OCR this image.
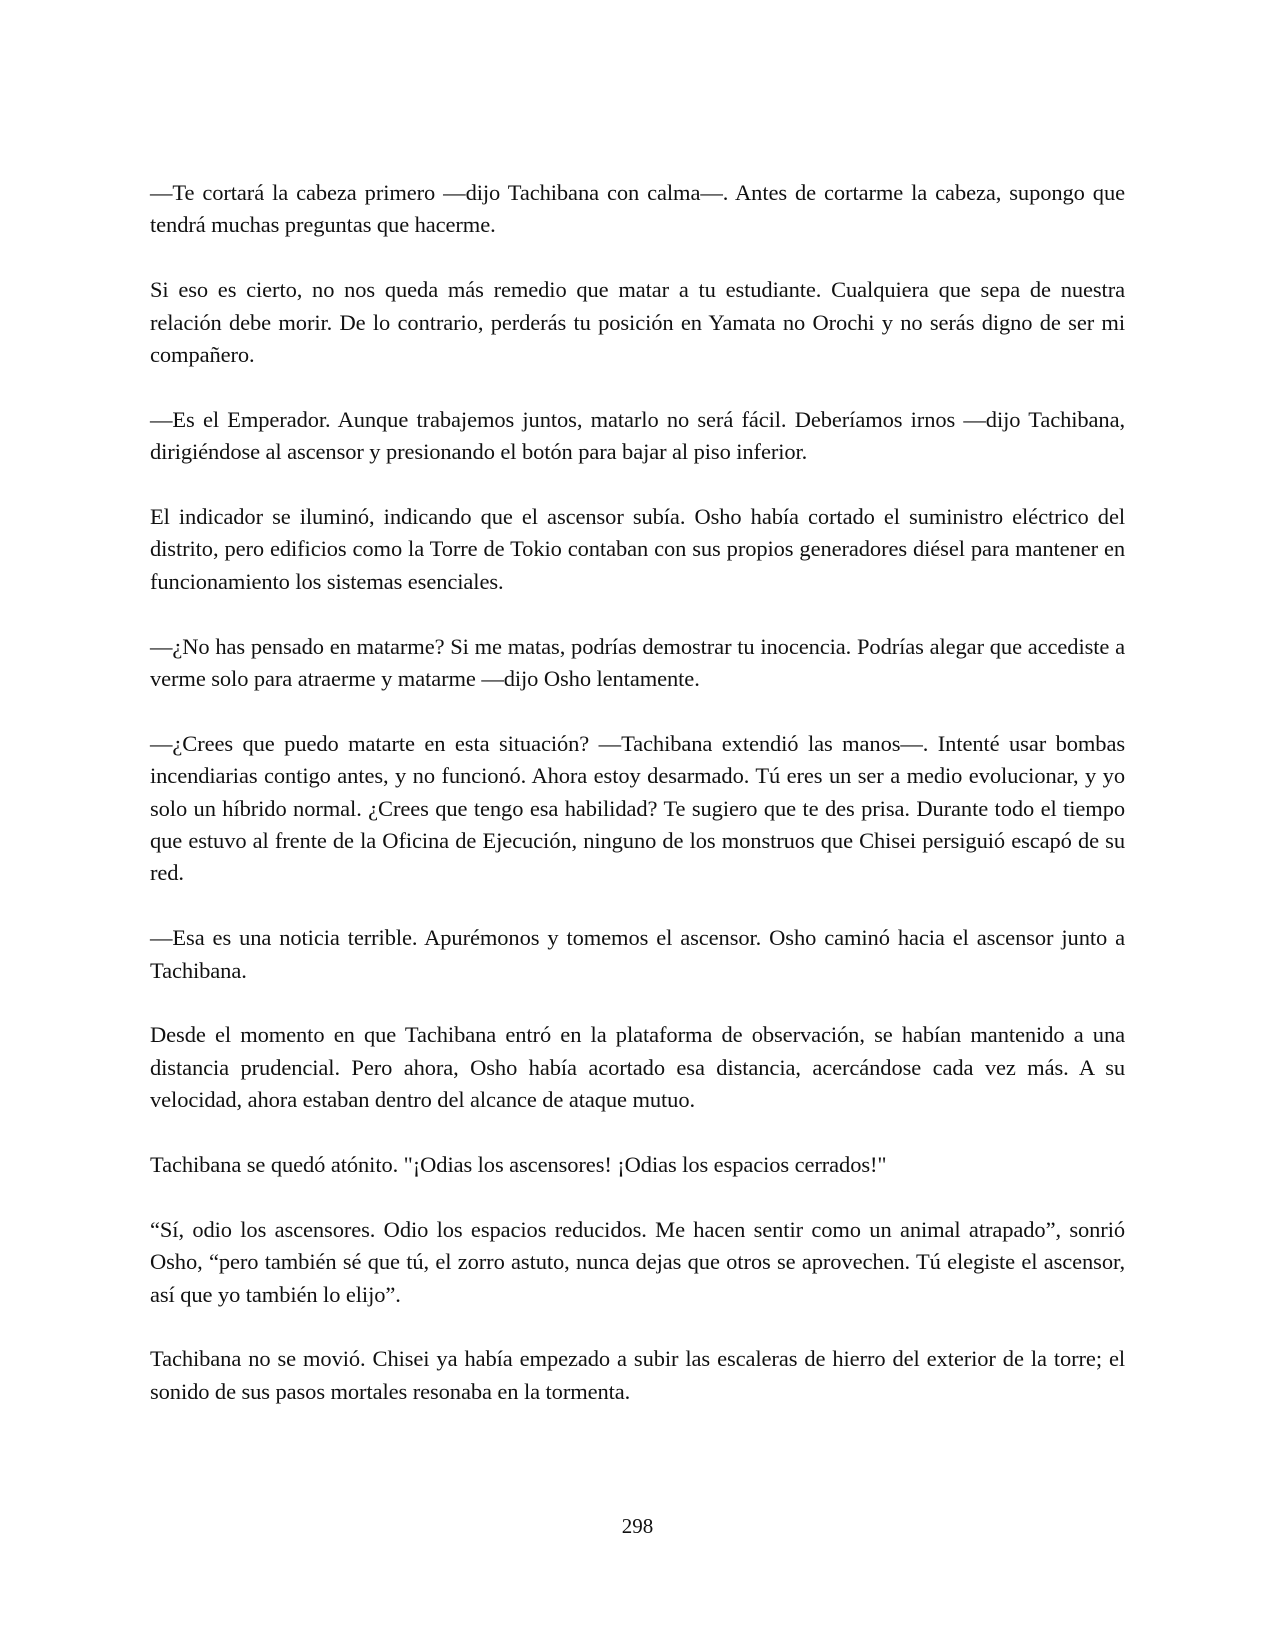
—Te cortará la cabeza primero —dijo Tachibana con calma—. Antes de cortarme la cabeza, supongo que tendrá muchas preguntas que hacerme.

Si eso es cierto, no nos queda más remedio que matar a tu estudiante. Cualquiera que sepa de nuestra relación debe morir. De lo contrario, perderás tu posición en Yamata no Orochi y no serás digno de ser mi compañero.

—Es el Emperador. Aunque trabajemos juntos, matarlo no será fácil. Deberíamos irnos —dijo Tachibana, dirigiéndose al ascensor y presionando el botón para bajar al piso inferior.

El indicador se iluminó, indicando que el ascensor subía. Osho había cortado el suministro eléctrico del distrito, pero edificios como la Torre de Tokio contaban con sus propios generadores diésel para mantener en funcionamiento los sistemas esenciales.

—¿No has pensado en matarme? Si me matas, podrías demostrar tu inocencia. Podrías alegar que accediste a verme solo para atraerme y matarme —dijo Osho lentamente.

—¿Crees que puedo matarte en esta situación? —Tachibana extendió las manos—. Intenté usar bombas incendiarias contigo antes, y no funcionó. Ahora estoy desarmado. Tú eres un ser a medio evolucionar, y yo solo un híbrido normal. ¿Crees que tengo esa habilidad? Te sugiero que te des prisa. Durante todo el tiempo que estuvo al frente de la Oficina de Ejecución, ninguno de los monstruos que Chisei persiguió escapó de su red.

—Esa es una noticia terrible. Apurémonos y tomemos el ascensor. Osho caminó hacia el ascensor junto a Tachibana.

Desde el momento en que Tachibana entró en la plataforma de observación, se habían mantenido a una distancia prudencial. Pero ahora, Osho había acortado esa distancia, acercándose cada vez más. A su velocidad, ahora estaban dentro del alcance de ataque mutuo.

Tachibana se quedó atónito. "¡Odias los ascensores! ¡Odias los espacios cerrados!"

“Sí, odio los ascensores. Odio los espacios reducidos. Me hacen sentir como un animal atrapado”, sonrió Osho, “pero también sé que tú, el zorro astuto, nunca dejas que otros se aprovechen. Tú elegiste el ascensor, así que yo también lo elijo”.

Tachibana no se movió. Chisei ya había empezado a subir las escaleras de hierro del exterior de la torre; el sonido de sus pasos mortales resonaba en la tormenta.

298
